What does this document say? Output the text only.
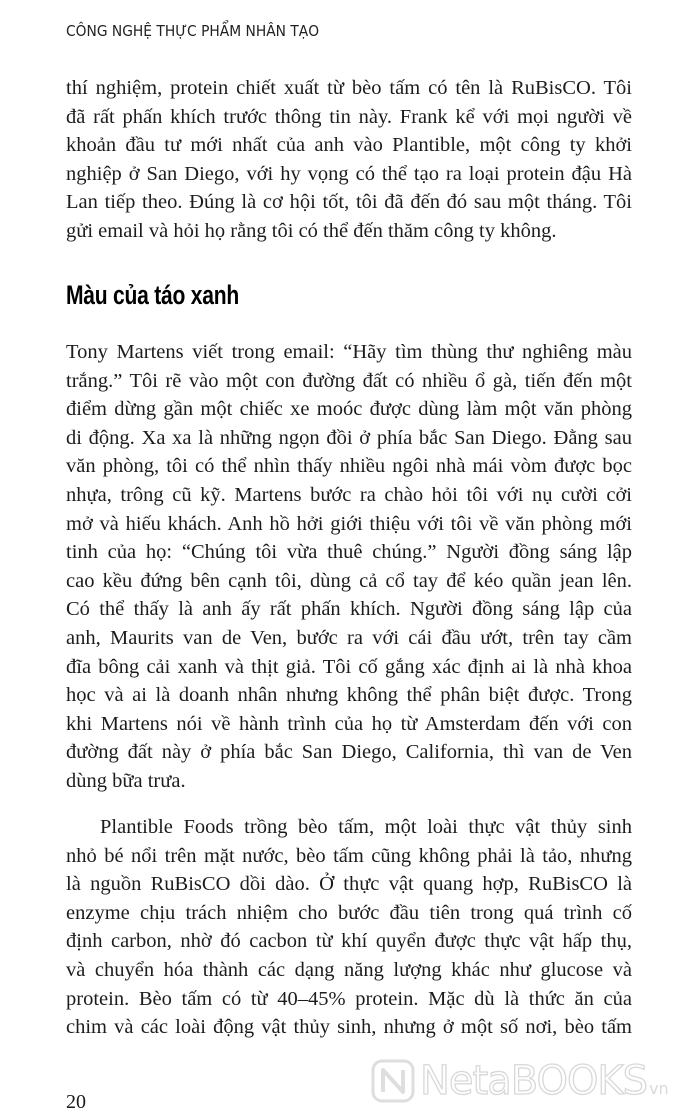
CÔNG NGHỆ THỰC PHẨM NHÂN TẠO
thí nghiệm, protein chiết xuất từ bèo tấm có tên là RuBisCO. Tôi
đã rất phấn khích trước thông tin này. Frank kể với mọi người về
khoản đầu tư mới nhất của anh vào Plantible, một công ty khởi
nghiệp ở San Diego, với hy vọng có thể tạo ra loại protein đậu Hà
Lan tiếp theo. Đúng là cơ hội tốt, tôi đã đến đó sau một tháng. Tôi
gửi email và hỏi họ rằng tôi có thể đến thăm công ty không.
Màu của táo xanh
Tony Martens viết trong email: “Hãy tìm thùng thư nghiêng màu
trắng.” Tôi rẽ vào một con đường đất có nhiều ổ gà, tiến đến một
điểm dừng gần một chiếc xe moóc được dùng làm một văn phòng
di động. Xa xa là những ngọn đồi ở phía bắc San Diego. Đằng sau
văn phòng, tôi có thể nhìn thấy nhiều ngôi nhà mái vòm được bọc
nhựa, trông cũ kỹ. Martens bước ra chào hỏi tôi với nụ cười cởi
mở và hiếu khách. Anh hồ hởi giới thiệu với tôi về văn phòng mới
tinh của họ: “Chúng tôi vừa thuê chúng.” Người đồng sáng lập
cao kều đứng bên cạnh tôi, dùng cả cổ tay để kéo quần jean lên.
Có thể thấy là anh ấy rất phấn khích. Người đồng sáng lập của
anh, Maurits van de Ven, bước ra với cái đầu ướt, trên tay cầm
đĩa bông cải xanh và thịt giả. Tôi cố gắng xác định ai là nhà khoa
học và ai là doanh nhân nhưng không thể phân biệt được. Trong
khi Martens nói về hành trình của họ từ Amsterdam đến với con
đường đất này ở phía bắc San Diego, California, thì van de Ven
dùng bữa trưa.
Plantible Foods trồng bèo tấm, một loài thực vật thủy sinh
nhỏ bé nổi trên mặt nước, bèo tấm cũng không phải là tảo, nhưng
là nguồn RuBisCO dồi dào. Ở thực vật quang hợp, RuBisCO là
enzyme chịu trách nhiệm cho bước đầu tiên trong quá trình cố
định carbon, nhờ đó cacbon từ khí quyển được thực vật hấp thụ,
và chuyển hóa thành các dạng năng lượng khác như glucose và
protein. Bèo tấm có từ 40–45% protein. Mặc dù là thức ăn của
chim và các loài động vật thủy sinh, nhưng ở một số nơi, bèo tấm
20	NetaBOOKS vn
